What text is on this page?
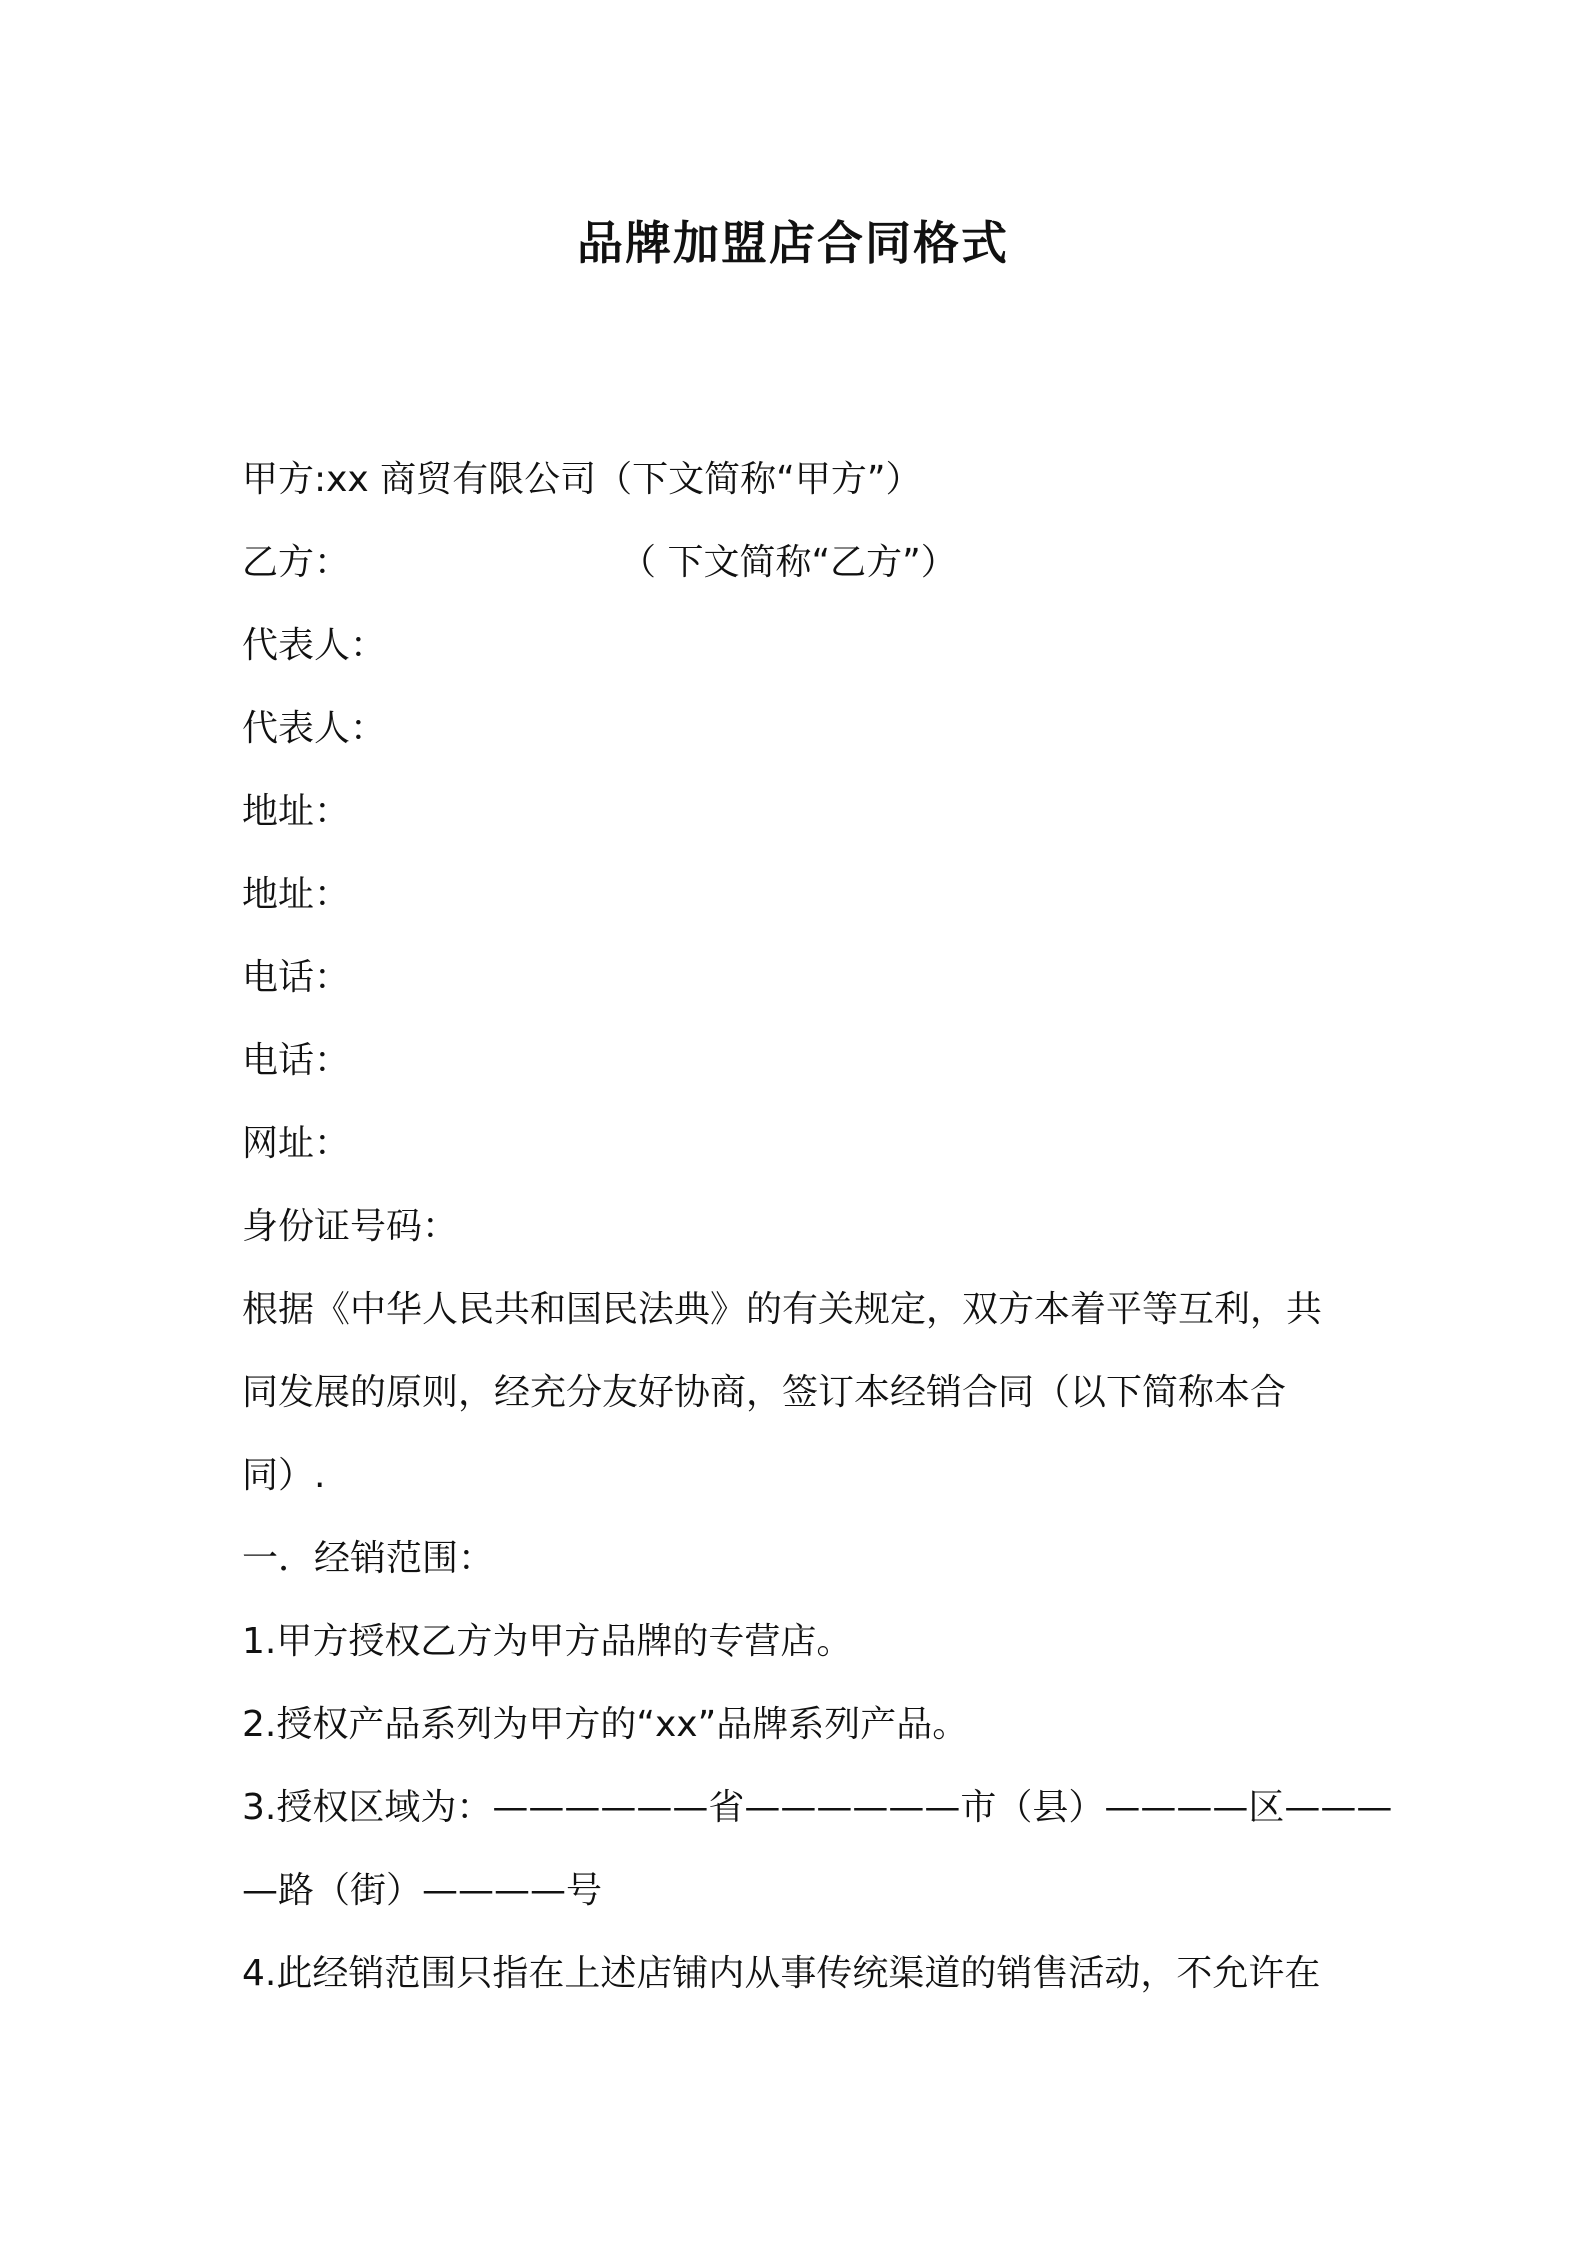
品牌加盟店合同格式
甲方:xx 商贸有限公司（下文简称“甲方”）
乙方：	（ 下文简称“乙方”）
代表人：
代表人：
地址：
地址：
电话：
电话：
网址：
身份证号码：
根据《中华人民共和国民法典》的有关规定，双方本着平等互利，共
同发展的原则，经充分友好协商，签订本经销合同（以下简称本合
同）.
一．经销范围：
1.甲方授权乙方为甲方品牌的专营店。
2.授权产品系列为甲方的“xx”品牌系列产品。
3.授权区域为：——————省——————市（县）————区———
—路（街）————号
4.此经销范围只指在上述店铺内从事传统渠道的销售活动，不允许在
